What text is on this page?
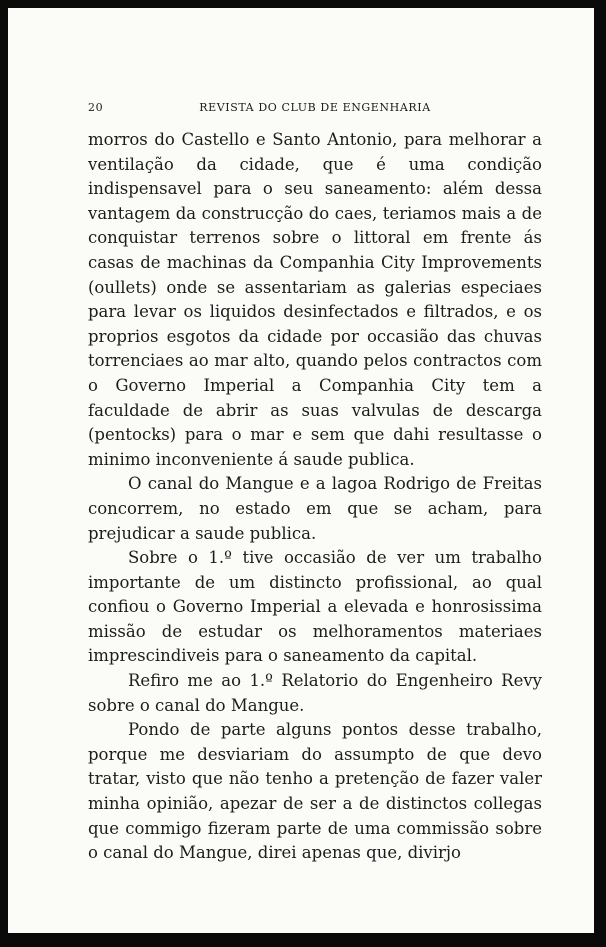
20	REVISTA DO CLUB DE ENGENHARIA

morros do Castello e Santo Antonio, para melhorar a ventilação da cidade, que é uma condição indispensavel para o seu saneamento: além dessa vantagem da construcção do caes, teriamos mais a de conquistar terrenos sobre o littoral em frente ás casas de machinas da Companhia City Improvements (oullets) onde se assentariam as galerias especiaes para levar os liquidos desinfectados e filtrados, e os proprios esgotos da cidade por occasião das chuvas torrenciaes ao mar alto, quando pelos contractos com o Governo Imperial a Companhia City tem a faculdade de abrir as suas valvulas de descarga (pentocks) para o mar e sem que dahi resultasse o minimo inconveniente á saude publica.

O canal do Mangue e a lagoa Rodrigo de Freitas concorrem, no estado em que se acham, para prejudicar a saude publica.

Sobre o 1.º tive occasião de ver um trabalho importante de um distincto profissional, ao qual confiou o Governo Imperial a elevada e honrosissima missão de estudar os melhoramentos materiaes imprescindiveis para o saneamento da capital.

Refiro me ao 1.º Relatorio do Engenheiro Revy sobre o canal do Mangue.

Pondo de parte alguns pontos desse trabalho, porque me desviariam do assumpto de que devo tratar, visto que não tenho a pretenção de fazer valer minha opinião, apezar de ser a de distinctos collegas que commigo fizeram parte de uma commissão sobre o canal do Mangue, direi apenas que, divirjo
